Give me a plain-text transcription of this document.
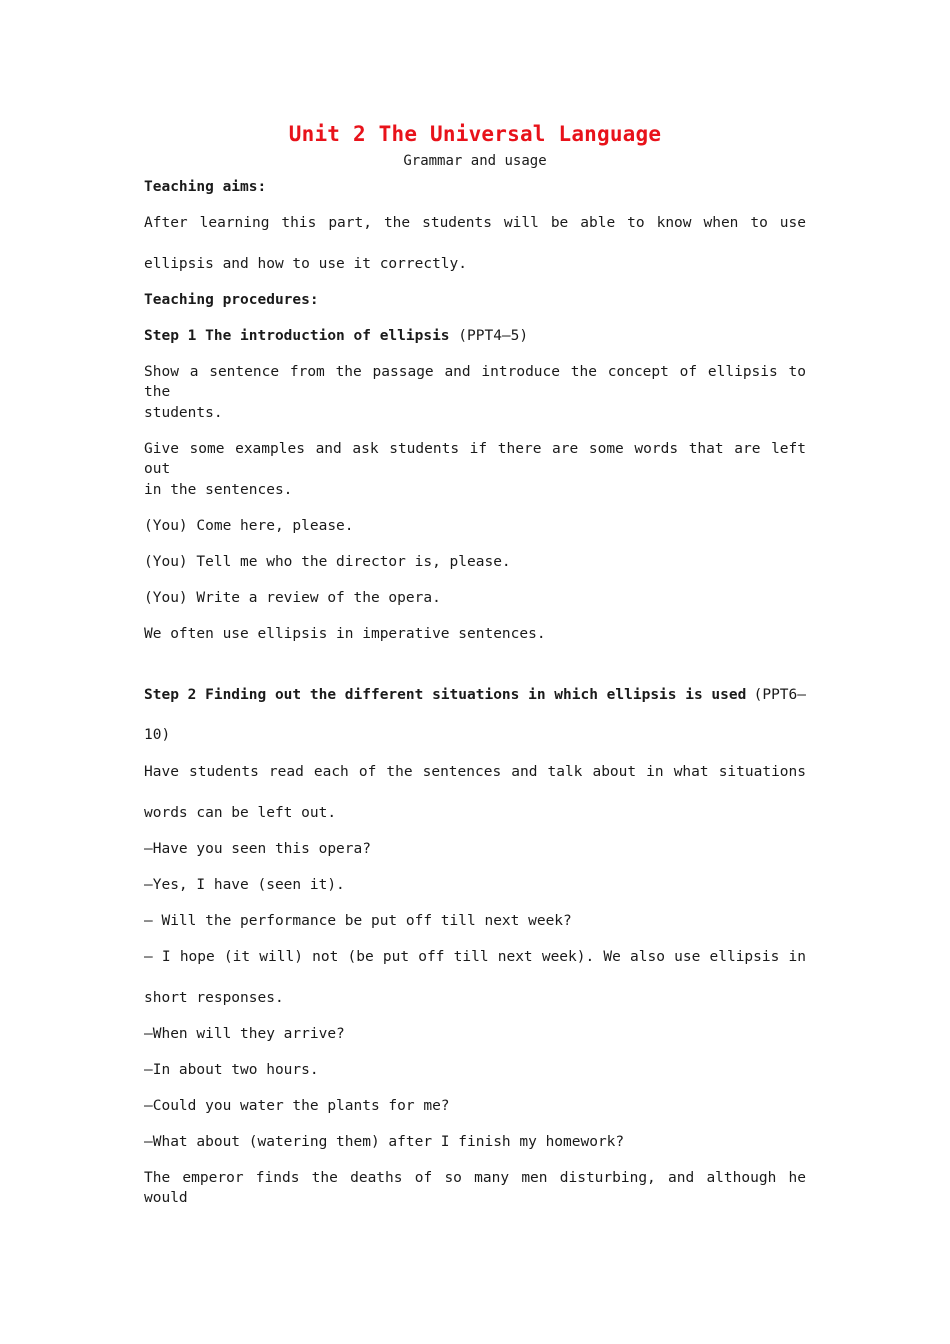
Unit 2 The Universal Language
Grammar and usage
Teaching aims:
After learning this part, the students will be able to know when to use
ellipsis and how to use it correctly.
Teaching procedures:
Step 1 The introduction of ellipsis (PPT4—5)
Show a sentence from the passage and introduce the concept of ellipsis to the
students.
Give some examples and ask students if there are some words that are left out
in the sentences.
(You) Come here, please.
(You) Tell me who the director is, please.
(You) Write a review of the opera.
We often use ellipsis in imperative sentences.
Step 2 Finding out the different situations in which ellipsis is used (PPT6—
10)
Have students read each of the sentences and talk about in what situations
words can be left out.
—Have you seen this opera?
—Yes, I have (seen it).
— Will the performance be put off till next week?
— I hope (it will) not (be put off till next week). We also use ellipsis in
short responses.
—When will they arrive?
—In about two hours.
—Could you water the plants for me?
—What about (watering them) after I finish my homework?
The emperor finds the deaths of so many men disturbing, and although he would
